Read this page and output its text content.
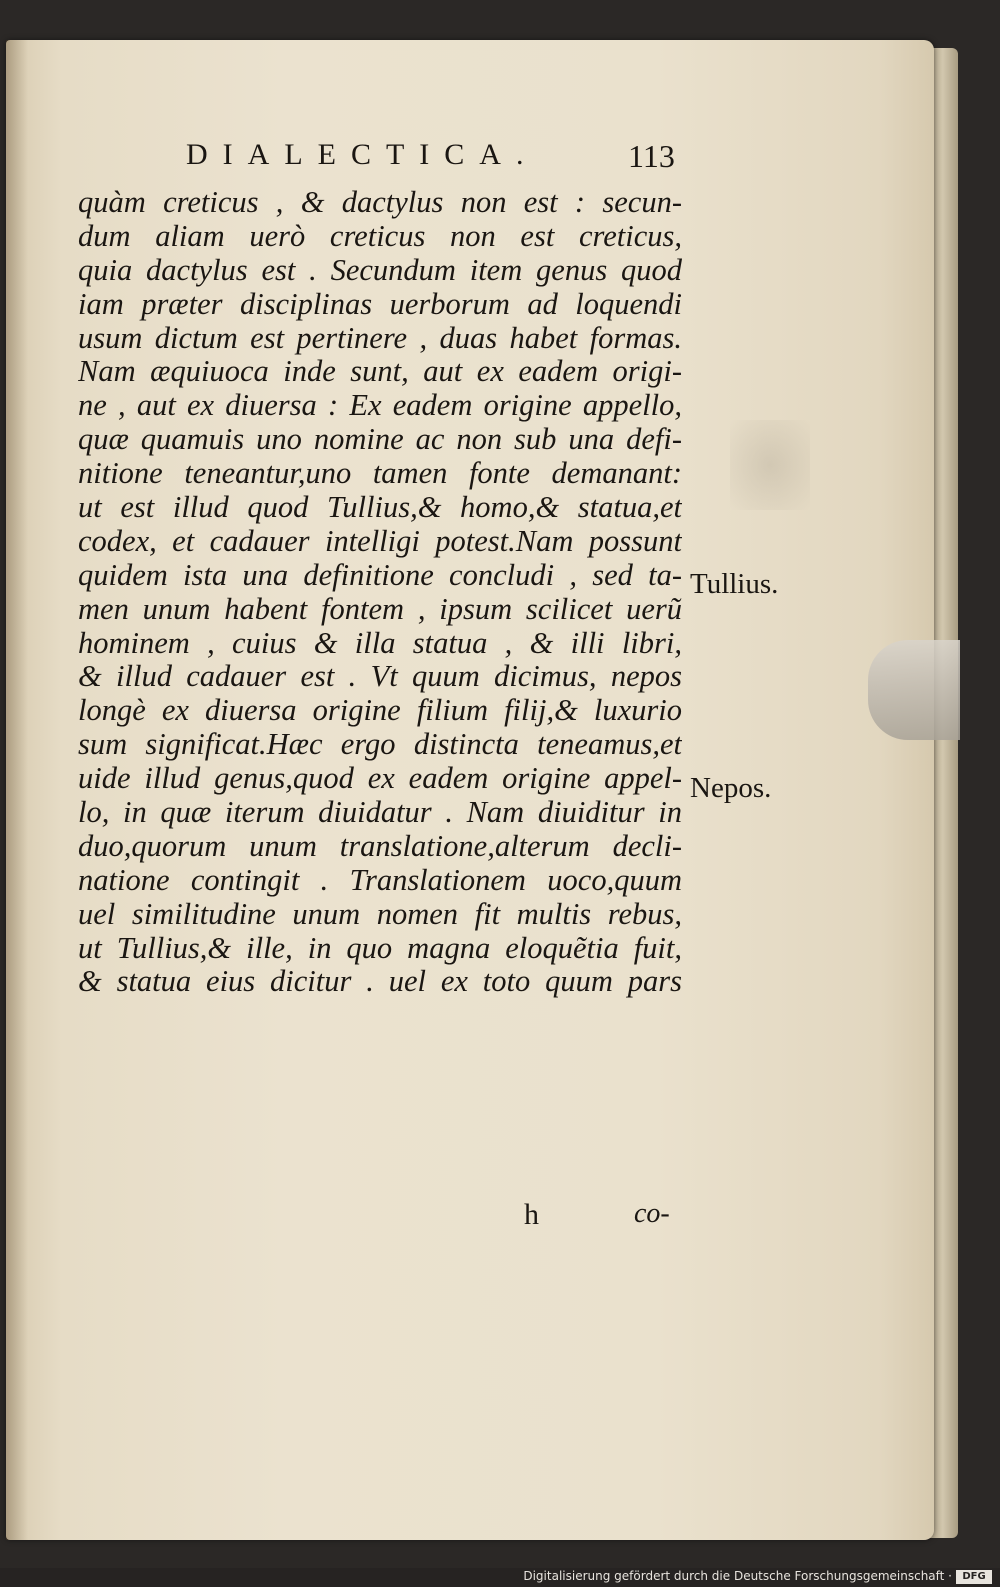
DIALECTICA.	113
quàm creticus , & dactylus non est : secun-
dum aliam uerò creticus non est creticus,
quia dactylus est . Secundum item genus quod
iam præter disciplinas uerborum ad loquendi
usum dictum est pertinere , duas habet formas.
Nam æquiuoca inde sunt, aut ex eadem origi-
ne , aut ex diuersa : Ex eadem origine appello,
quæ quamuis uno nomine ac non sub una defi-
nitione teneantur,uno tamen fonte demanant:
ut est illud quod Tullius,& homo,& statua,et
codex, et cadauer intelligi potest.Nam possunt
quidem ista una definitione concludi , sed ta-
men unum habent fontem , ipsum scilicet uerũ
hominem , cuius & illa statua , & illi libri,
& illud cadauer est . Vt quum dicimus, nepos
longè ex diuersa origine filium filij,& luxurio
sum significat.Hæc ergo distincta teneamus,et
uide illud genus,quod ex eadem origine appel-
lo, in quæ iterum diuidatur . Nam diuiditur in
duo,quorum unum translatione,alterum decli-
natione contingit . Translationem uoco,quum
uel similitudine unum nomen fit multis rebus,
ut Tullius,& ille, in quo magna eloquẽtia fuit,
& statua eius dicitur . uel ex toto quum pars
Tullius.
Nepos.
h	co-
Digitalisierung gefördert durch die Deutsche Forschungsgemeinschaft ·	DFG
